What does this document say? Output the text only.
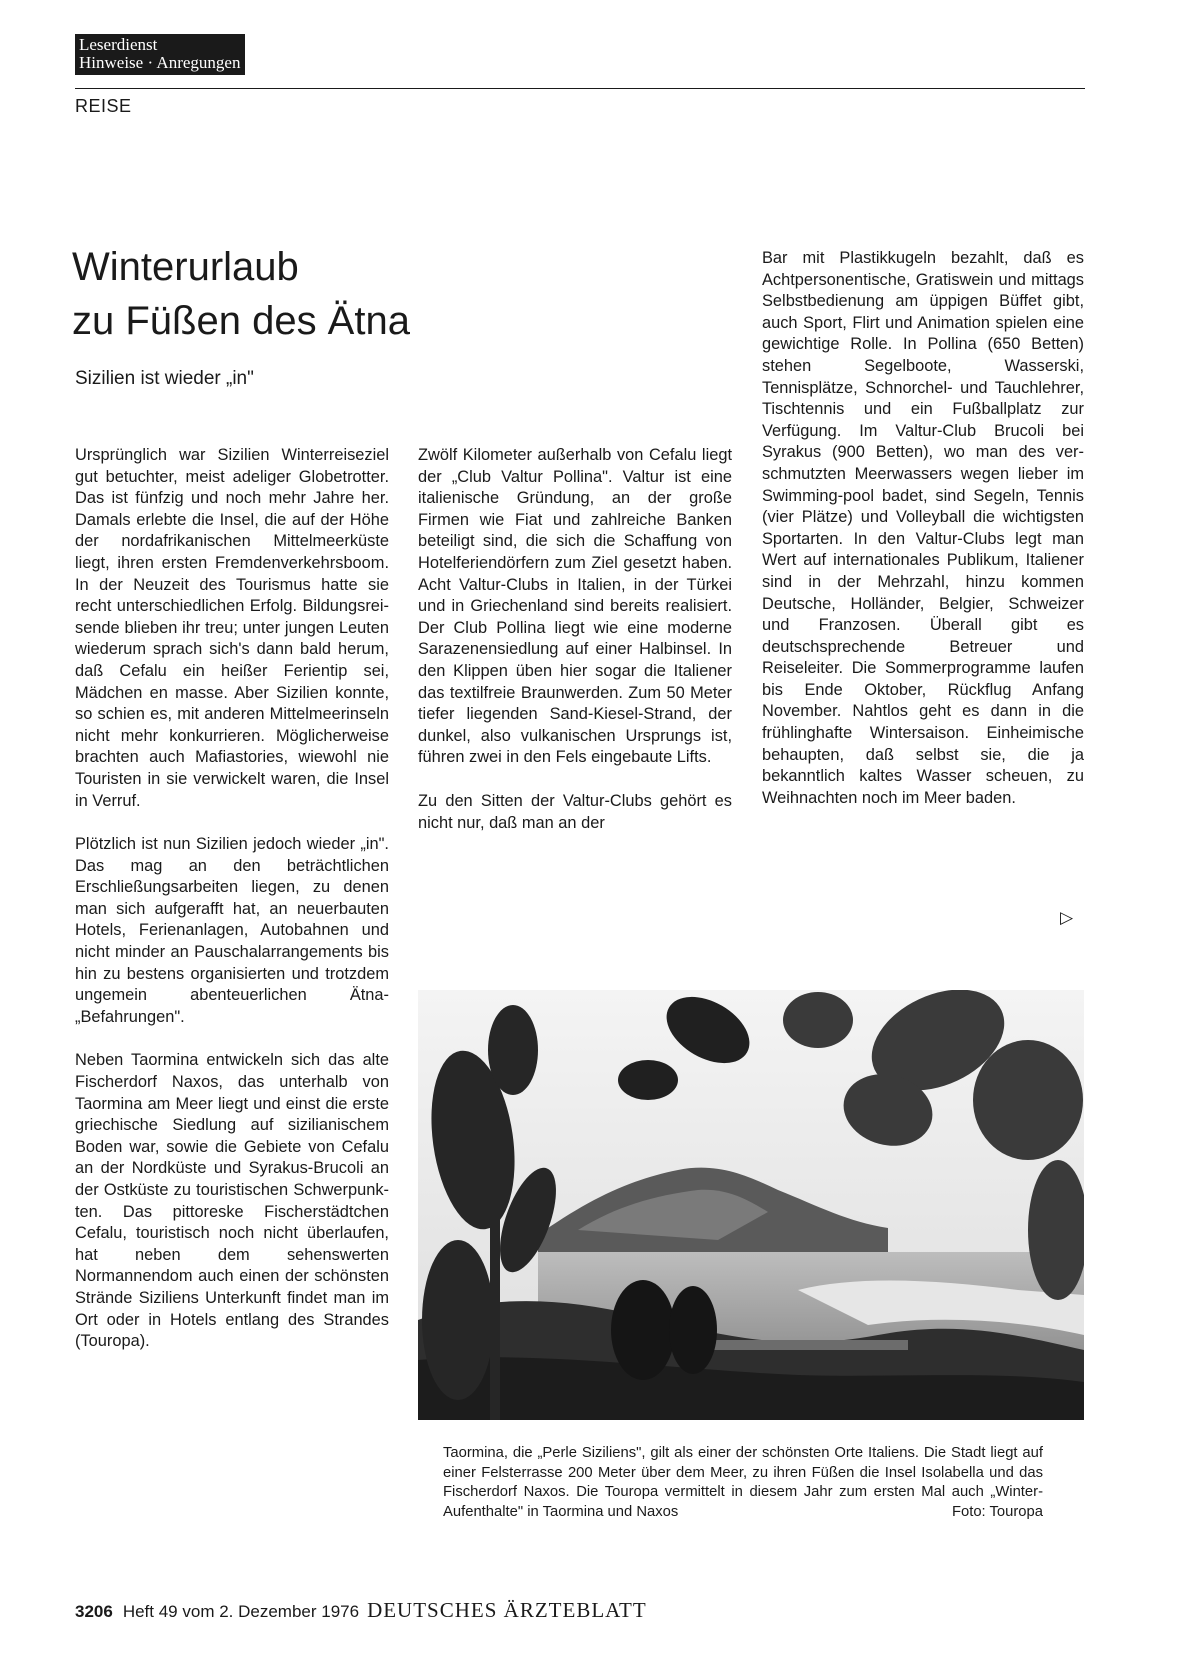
Leserdienst
Hinweise · Anregungen
REISE
Winterurlaub
zu Füßen des Ätna
Sizilien ist wieder „in"

Ursprünglich war Sizilien Winterreiseziel gut betuchter, meist adeliger Globetrotter. Das ist fünfzig und noch mehr Jahre her. Damals erlebte die Insel, die auf der Höhe der nordafrikanischen Mittelmeerküste liegt, ihren ersten Fremdenverkehrsboom. In der Neuzeit des Tourismus hatte sie recht unterschiedlichen Erfolg. Bildungsreisende blieben ihr treu; unter jungen Leuten wiederum sprach sich's dann bald herum, daß Cefalu ein heißer Ferientip sei, Mädchen en masse. Aber Sizilien konnte, so schien es, mit anderen Mittelmeerinseln nicht mehr konkurrieren. Möglicherweise brachten auch Mafiastories, wiewohl nie Touristen in sie verwickelt waren, die Insel in Verruf.

Plötzlich ist nun Sizilien jedoch wieder „in". Das mag an den beträchtlichen Erschließungsarbeiten liegen, zu denen man sich aufgerafft hat, an neuerbauten Hotels, Ferienanlagen, Autobahnen und nicht minder an Pauschalarrangements bis hin zu bestens organisierten und trotzdem ungemein abenteuerlichen Ätna-„Befahrungen".

Neben Taormina entwickeln sich das alte Fischerdorf Naxos, das unterhalb von Taormina am Meer liegt und einst die erste griechische Siedlung auf sizilianischem Boden war, sowie die Gebiete von Cefalu an der Nordküste und Syrakus-Brucoli an der Ostküste zu touristischen Schwerpunkten. Das pittoreske Fischerstädtchen Cefalu, touristisch noch nicht überlaufen, hat neben dem sehenswerten Normannendom auch einen der schönsten Strände Siziliens Unterkunft findet man im Ort oder in Hotels entlang des Strandes (Touropa).

Zwölf Kilometer außerhalb von Cefalu liegt der „Club Valtur Pollina". Valtur ist eine italienische Gründung, an der große Firmen wie Fiat und zahlreiche Banken beteiligt sind, die sich die Schaffung von Hotelferiendörfern zum Ziel gesetzt haben. Acht Valtur-Clubs in Italien, in der Türkei und in Griechenland sind bereits realisiert. Der Club Pollina liegt wie eine moderne Sarazenensiedlung auf einer Halbinsel. In den Klippen üben hier sogar die Italiener das textilfreie Braunwerden. Zum 50 Meter tiefer liegenden Sand-Kiesel-Strand, der dunkel, also vulkanischen Ursprungs ist, führen zwei in den Fels eingebaute Lifts.

Zu den Sitten der Valtur-Clubs gehört es nicht nur, daß man an der

Bar mit Plastikkugeln bezahlt, daß es Achtpersonentische, Gratiswein und mittags Selbstbedienung am üppigen Büffet gibt, auch Sport, Flirt und Animation spielen eine gewichtige Rolle. In Pollina (650 Betten) stehen Segelboote, Wasserski, Tennisplätze, Schnorchel- und Tauchlehrer, Tischtennis und ein Fußballplatz zur Verfügung. Im Valtur-Club Brucoli bei Syrakus (900 Betten), wo man des verschmutzten Meerwassers wegen lieber im Swimming-pool badet, sind Segeln, Tennis (vier Plätze) und Volleyball die wichtigsten Sportarten. In den Valtur-Clubs legt man Wert auf internationales Publikum, Italiener sind in der Mehrzahl, hinzu kommen Deutsche, Holländer, Belgier, Schweizer und Franzosen. Überall gibt es deutschsprechende Betreuer und Reiseleiter. Die Sommerprogramme laufen bis Ende Oktober, Rückflug Anfang November. Nahtlos geht es dann in die frühlinghafte Wintersaison. Einheimische behaupten, daß selbst sie, die ja bekanntlich kaltes Wasser scheuen, zu Weihnachten noch im Meer baden.

▷
Taormina, die „Perle Siziliens", gilt als einer der schönsten Orte Italiens. Die Stadt liegt auf einer Felsterrasse 200 Meter über dem Meer, zu ihren Füßen die Insel Isolabella und das Fischerdorf Naxos. Die Touropa vermittelt in diesem Jahr zum ersten Mal auch „Winter-Aufenthalte" in Taormina und Naxos	Foto: Touropa
3206 Heft 49 vom 2. Dezember 1976 DEUTSCHES ÄRZTEBLATT
